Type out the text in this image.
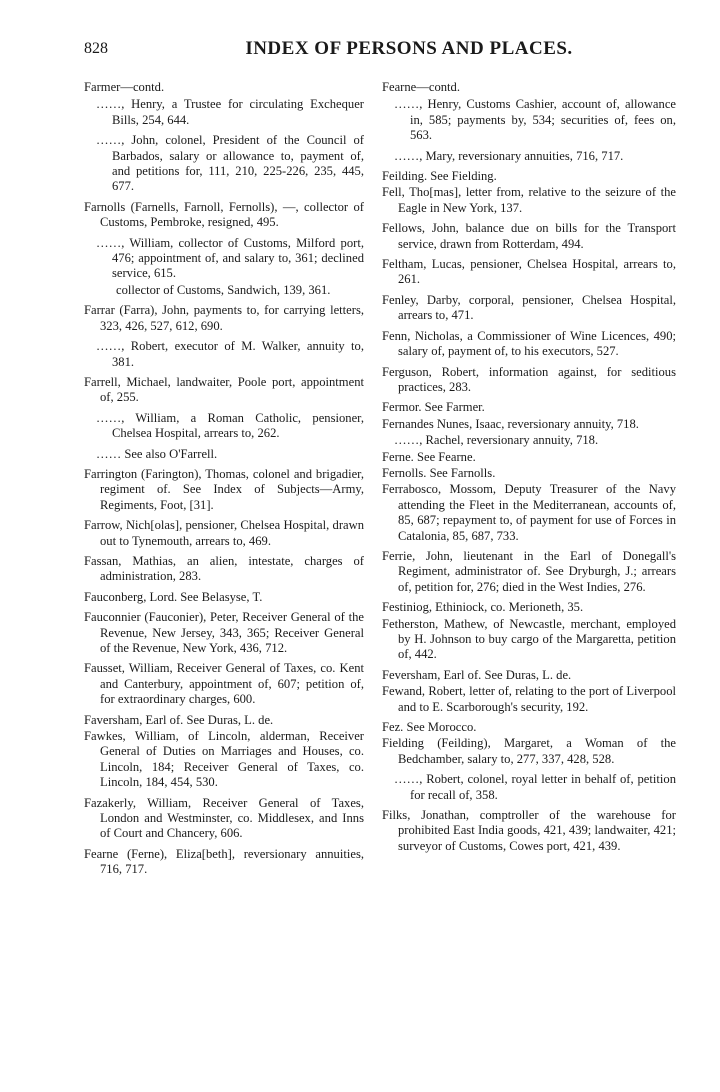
828	INDEX OF PERSONS AND PLACES.
Farmer—contd.
……, Henry, a Trustee for circulating Exchequer Bills, 254, 644.
……, John, colonel, President of the Council of Barbados, salary or allowance to, payment of, and petitions for, 111, 210, 225-226, 235, 445, 677.
Farnolls (Farnells, Farnoll, Fernolls), —, collector of Customs, Pembroke, resigned, 495.
……, William, collector of Customs, Milford port, 476; appointment of, and salary to, 361; declined service, 615.
collector of Customs, Sandwich, 139, 361.
Farrar (Farra), John, payments to, for carrying letters, 323, 426, 527, 612, 690.
……, Robert, executor of M. Walker, annuity to, 381.
Farrell, Michael, landwaiter, Poole port, appointment of, 255.
……, William, a Roman Catholic, pensioner, Chelsea Hospital, arrears to, 262.
…… See also O'Farrell.
Farrington (Farington), Thomas, colonel and brigadier, regiment of. See Index of Subjects—Army, Regiments, Foot, [31].
Farrow, Nich[olas], pensioner, Chelsea Hospital, drawn out to Tynemouth, arrears to, 469.
Fassan, Mathias, an alien, intestate, charges of administration, 283.
Fauconberg, Lord. See Belasyse, T.
Fauconnier (Fauconier), Peter, Receiver General of the Revenue, New Jersey, 343, 365; Receiver General of the Revenue, New York, 436, 712.
Fausset, William, Receiver General of Taxes, co. Kent and Canterbury, appointment of, 607; petition of, for extraordinary charges, 600.
Faversham, Earl of. See Duras, L. de.
Fawkes, William, of Lincoln, alderman, Receiver General of Duties on Marriages and Houses, co. Lincoln, 184; Receiver General of Taxes, co. Lincoln, 184, 454, 530.
Fazakerly, William, Receiver General of Taxes, London and Westminster, co. Middlesex, and Inns of Court and Chancery, 606.
Fearne (Ferne), Eliza[beth], reversionary annuities, 716, 717.
Fearne—contd.
……, Henry, Customs Cashier, account of, allowance in, 585; payments by, 534; securities of, fees on, 563.
……, Mary, reversionary annuities, 716, 717.
Feilding. See Fielding.
Fell, Tho[mas], letter from, relative to the seizure of the Eagle in New York, 137.
Fellows, John, balance due on bills for the Transport service, drawn from Rotterdam, 494.
Feltham, Lucas, pensioner, Chelsea Hospital, arrears to, 261.
Fenley, Darby, corporal, pensioner, Chelsea Hospital, arrears to, 471.
Fenn, Nicholas, a Commissioner of Wine Licences, 490; salary of, payment of, to his executors, 527.
Ferguson, Robert, information against, for seditious practices, 283.
Fermor. See Farmer.
Fernandes Nunes, Isaac, reversionary annuity, 718.
……, Rachel, reversionary annuity, 718.
Ferne. See Fearne.
Fernolls. See Farnolls.
Ferrabosco, Mossom, Deputy Treasurer of the Navy attending the Fleet in the Mediterranean, accounts of, 85, 687; repayment to, of payment for use of Forces in Catalonia, 85, 687, 733.
Ferrie, John, lieutenant in the Earl of Donegall's Regiment, administrator of. See Dryburgh, J.; arrears of, petition for, 276; died in the West Indies, 276.
Festiniog, Ethiniock, co. Merioneth, 35.
Fetherston, Mathew, of Newcastle, merchant, employed by H. Johnson to buy cargo of the Margaretta, petition of, 442.
Feversham, Earl of. See Duras, L. de.
Fewand, Robert, letter of, relating to the port of Liverpool and to E. Scarborough's security, 192.
Fez. See Morocco.
Fielding (Feilding), Margaret, a Woman of the Bedchamber, salary to, 277, 337, 428, 528.
……, Robert, colonel, royal letter in behalf of, petition for recall of, 358.
Filks, Jonathan, comptroller of the warehouse for prohibited East India goods, 421, 439; landwaiter, 421; surveyor of Customs, Cowes port, 421, 439.
